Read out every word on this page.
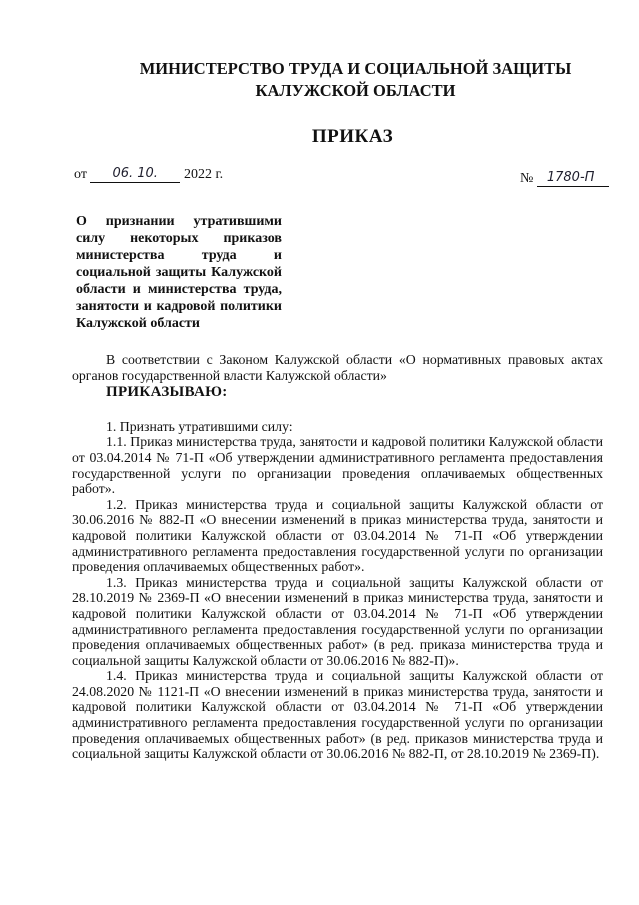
МИНИСТЕРСТВО ТРУДА И СОЦИАЛЬНОЙ ЗАЩИТЫ
КАЛУЖСКОЙ ОБЛАСТИ
ПРИКАЗ
от 06. 10. 2022 г.	№ 1780-П
О признании утратившими силу некоторых приказов министерства труда и социальной защиты Калужской области и министерства труда, занятости и кадровой политики Калужской области

В соответствии с Законом Калужской области «О нормативных правовых актах органов государственной власти Калужской области»

ПРИКАЗЫВАЮ:

1. Признать утратившими силу:

1.1. Приказ министерства труда, занятости и кадровой политики Калужской области от 03.04.2014 № 71-П «Об утверждении административного регламента предоставления государственной услуги по организации проведения оплачиваемых общественных работ».

1.2. Приказ министерства труда и социальной защиты Калужской области от 30.06.2016 № 882-П «О внесении изменений в приказ министерства труда, занятости и кадровой политики Калужской области от 03.04.2014 № 71-П «Об утверждении административного регламента предоставления государственной услуги по организации проведения оплачиваемых общественных работ».

1.3. Приказ министерства труда и социальной защиты Калужской области от 28.10.2019 № 2369-П «О внесении изменений в приказ министерства труда, занятости и кадровой политики Калужской области от 03.04.2014 № 71-П «Об утверждении административного регламента предоставления государственной услуги по организации проведения оплачиваемых общественных работ» (в ред. приказа министерства труда и социальной защиты Калужской области от 30.06.2016 № 882-П)».

1.4. Приказ министерства труда и социальной защиты Калужской области от 24.08.2020 № 1121-П «О внесении изменений в приказ министерства труда, занятости и кадровой политики Калужской области от 03.04.2014 № 71-П «Об утверждении административного регламента предоставления государственной услуги по организации проведения оплачиваемых общественных работ» (в ред. приказов министерства труда и социальной защиты Калужской области от 30.06.2016 № 882-П, от 28.10.2019 № 2369-П).
